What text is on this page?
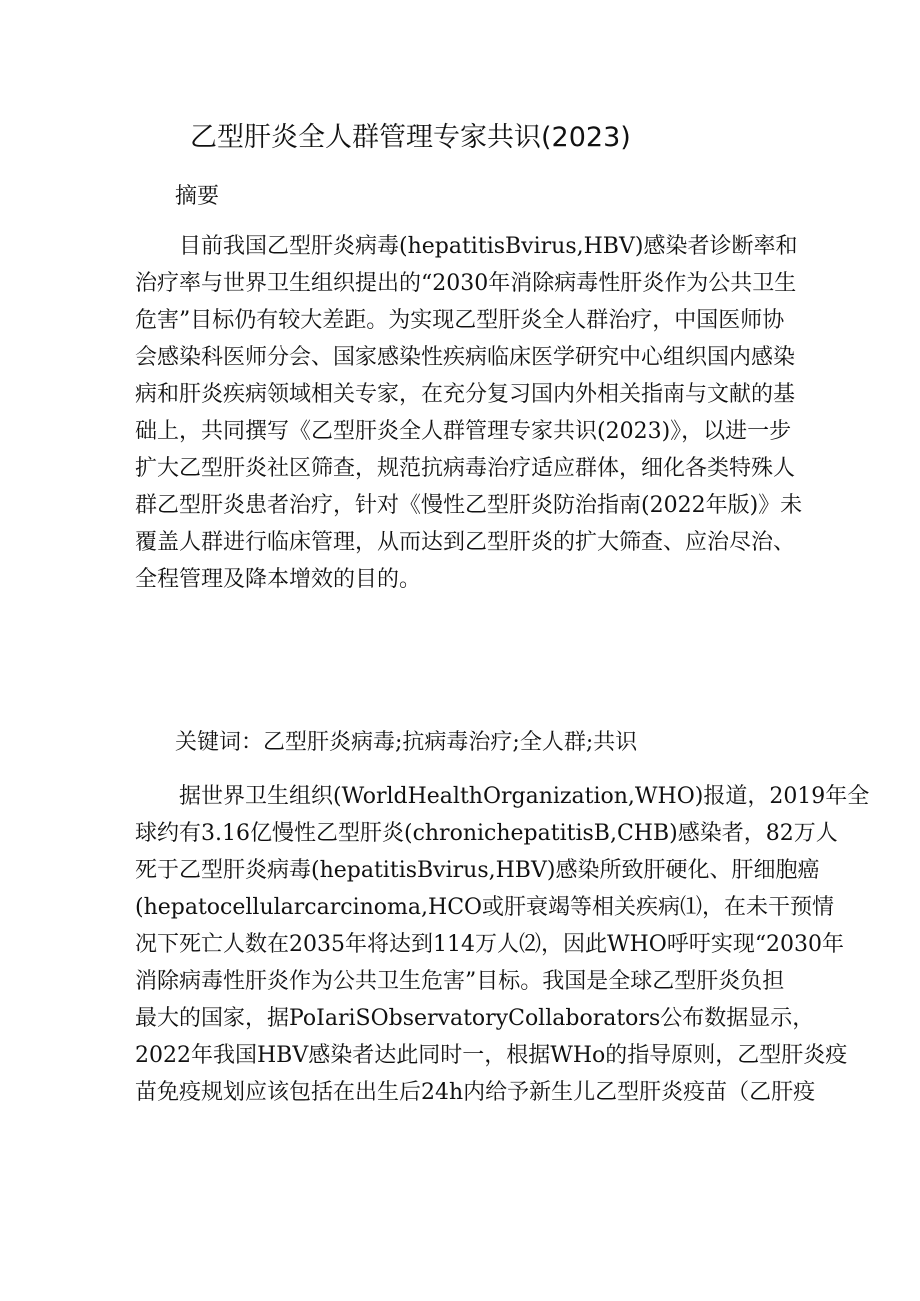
乙型肝炎全人群管理专家共识(2023)
摘要
　　目前我国乙型肝炎病毒(hepatitisBvirus,HBV)感染者诊断率和
治疗率与世界卫生组织提出的“2030年消除病毒性肝炎作为公共卫生
危害”目标仍有较大差距。为实现乙型肝炎全人群治疗，中国医师协
会感染科医师分会、国家感染性疾病临床医学研究中心组织国内感染
病和肝炎疾病领域相关专家，在充分复习国内外相关指南与文献的基
础上，共同撰写《乙型肝炎全人群管理专家共识(2023)》，以进一步
扩大乙型肝炎社区筛查，规范抗病毒治疗适应群体，细化各类特殊人
群乙型肝炎患者治疗，针对《慢性乙型肝炎防治指南(2022年版)》未
覆盖人群进行临床管理，从而达到乙型肝炎的扩大筛查、应治尽治、
全程管理及降本增效的目的。
关键词：乙型肝炎病毒;抗病毒治疗;全人群;共识
　　据世界卫生组织(WorldHealthOrganization,WHO)报道，2019年全
球约有3.16亿慢性乙型肝炎(chronichepatitisB,CHB)感染者，82万人
死于乙型肝炎病毒(hepatitisBvirus,HBV)感染所致肝硬化、肝细胞癌
(hepatocellularcarcinoma,HCO或肝衰竭等相关疾病⑴，在未干预情
况下死亡人数在2035年将达到114万人⑵，因此WHO呼吁实现“2030年
消除病毒性肝炎作为公共卫生危害”目标。我国是全球乙型肝炎负担
最大的国家，据PoIariSObservatoryCollaborators公布数据显示，
2022年我国HBV感染者达此同时一，根据WHo的指导原则，乙型肝炎疫
苗免疫规划应该包括在出生后24h内给予新生儿乙型肝炎疫苗（乙肝疫
